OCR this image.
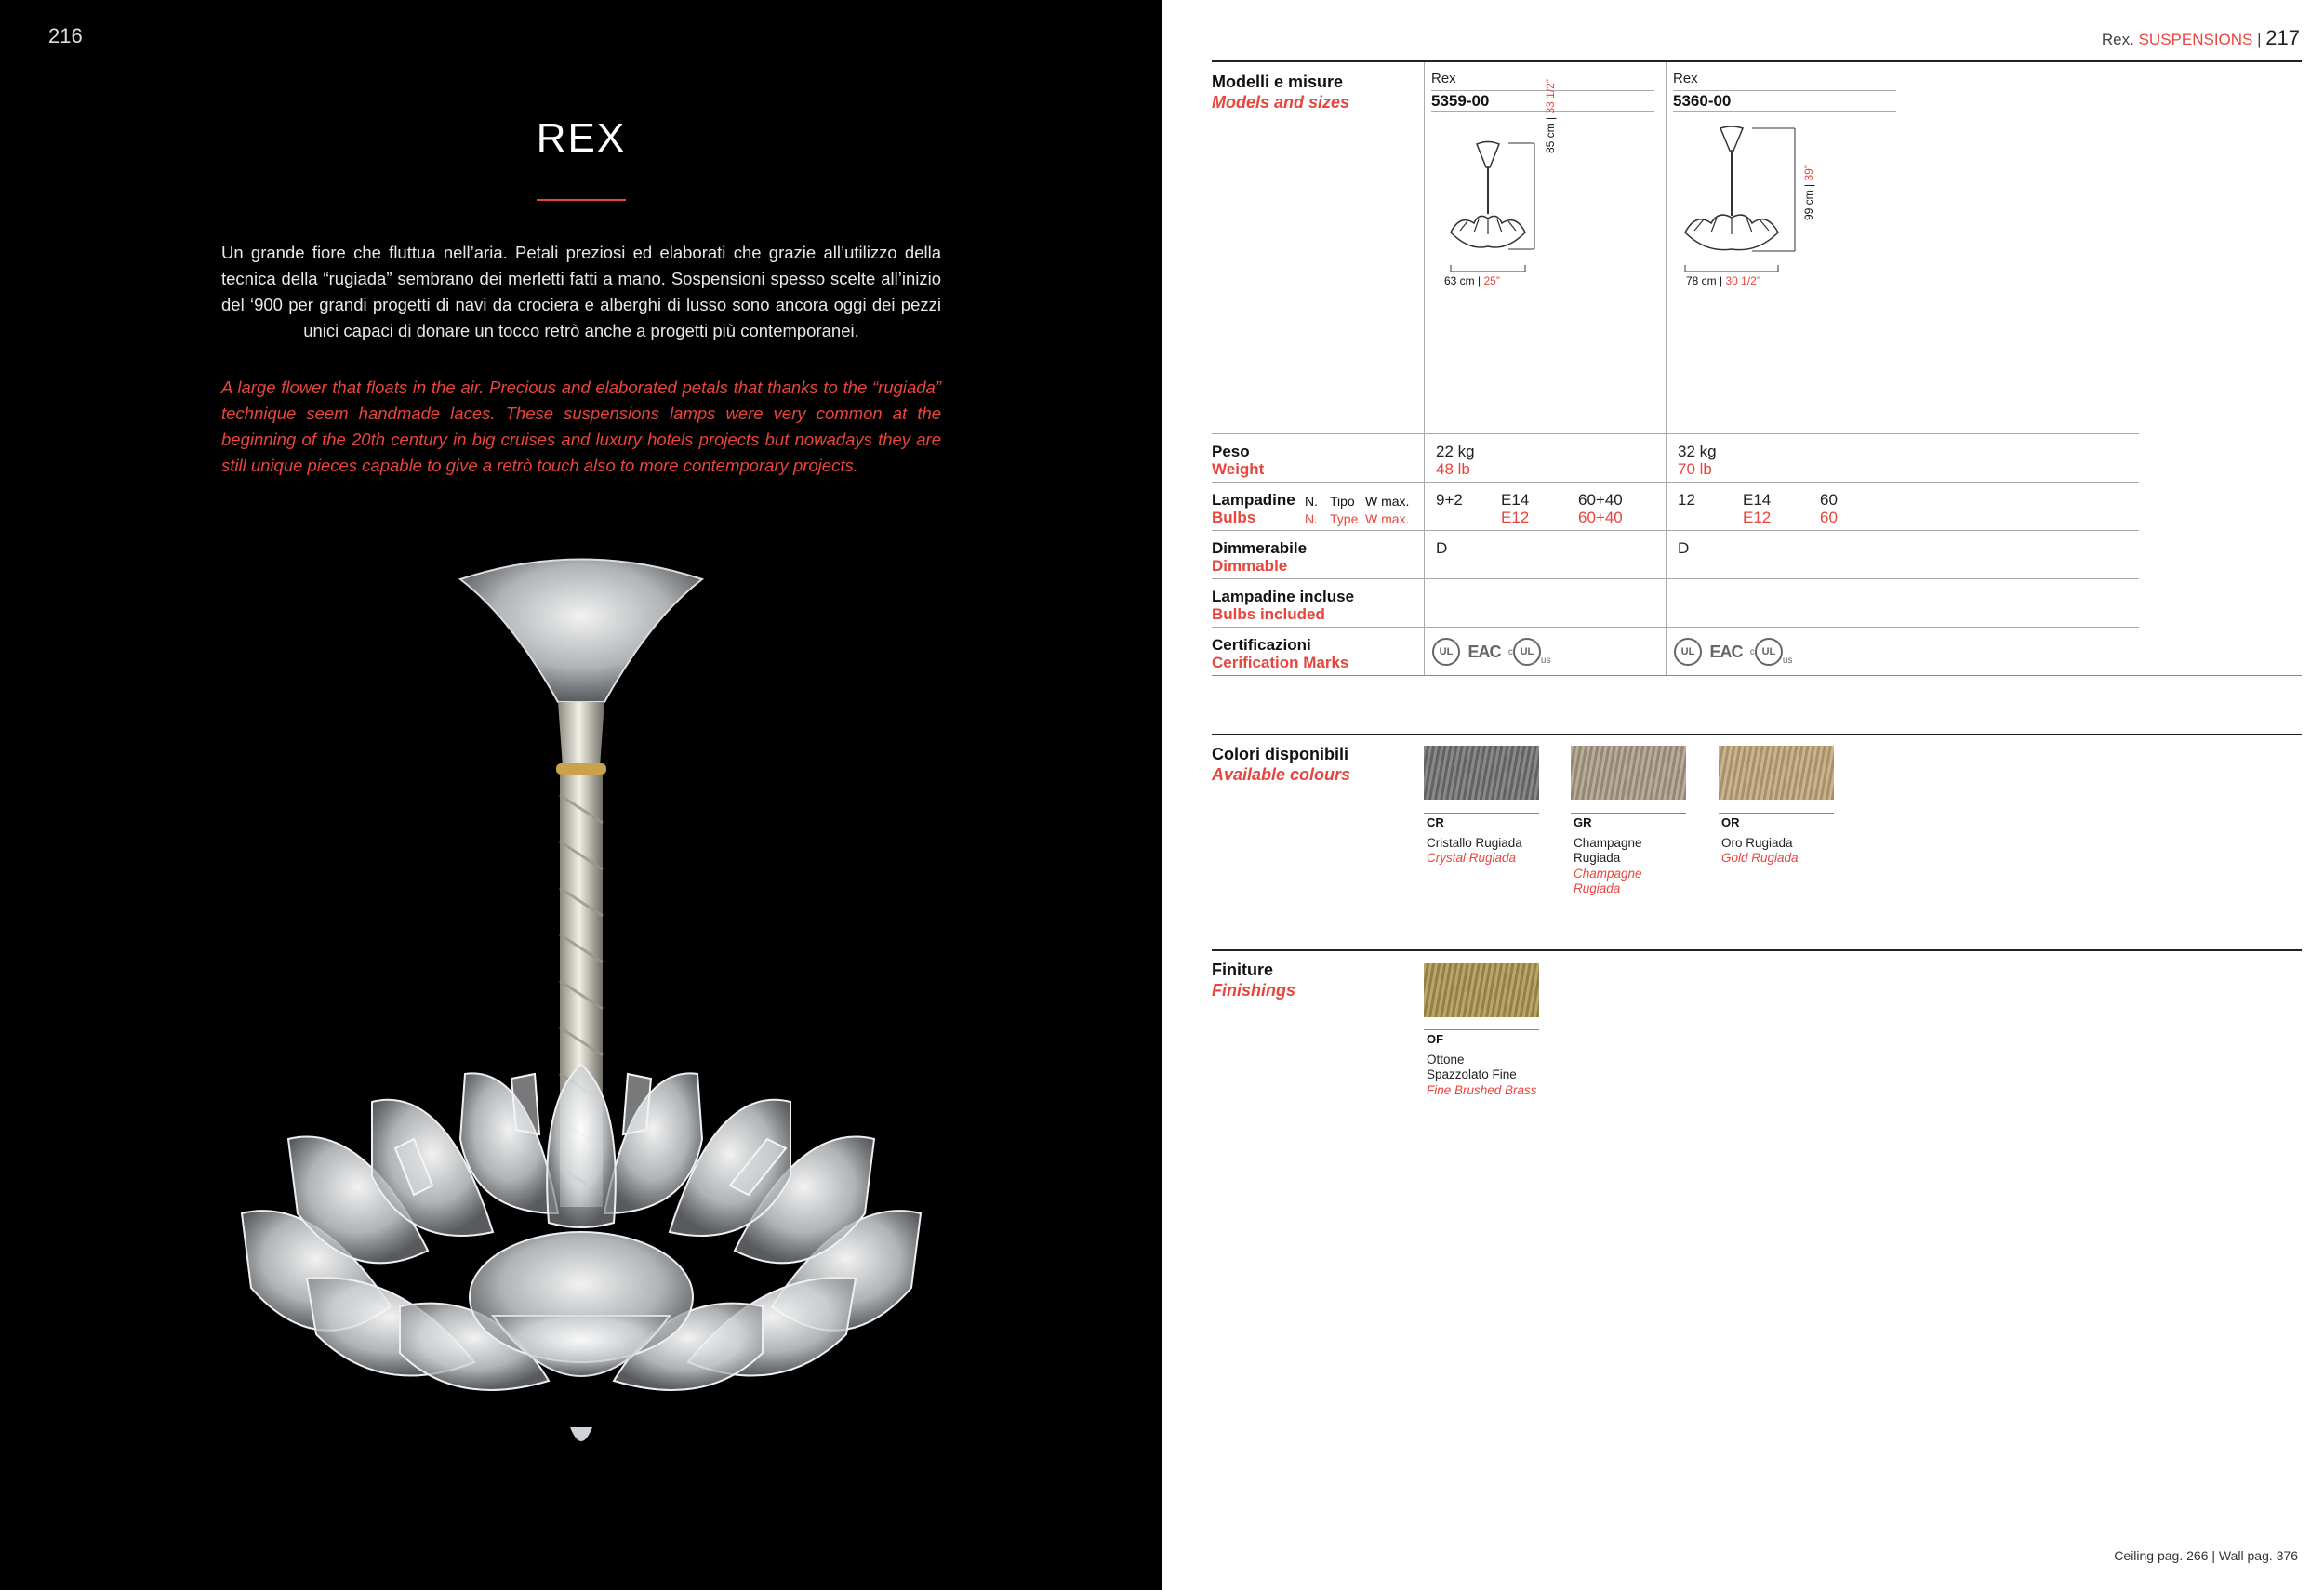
216
REX
Un grande fiore che fluttua nell’aria. Petali preziosi ed elaborati che grazie all’utilizzo della tecnica della “rugiada” sembrano dei merletti fatti a mano. Sospensioni spesso scelte all’inizio del ‘900 per grandi progetti di navi da crociera e alberghi di lusso sono ancora oggi dei pezzi unici capaci di donare un tocco retrò anche a progetti più contemporanei.
A large flower that floats in the air. Precious and elaborated petals that thanks to the “rugiada” technique seem handmade laces. These suspensions lamps were very common at the beginning of the 20th century in big cruises and luxury hotels projects but nowadays they are still unique pieces capable to give a retrò touch also to more contemporary projects.
Rex. SUSPENSIONS | 217
Modelli e misure
Models and sizes
Rex
5359-00
Rex
5360-00
85 cm | 33 1/2”
63 cm | 25”
99 cm | 39”
78 cm | 30 1/2”
Peso
Weight
22 kg
48 lb
32 kg
70 lb
Lampadine
Bulbs
N.
N.
Tipo
Type
W max.
W max.
9+2 E14
E12
60+40
60+40
12	E14
E12
60
60
Dimmerabile
Dimmable
D	D
Lampadine incluse
Bulbs included
Certificazioni
Cerification Marks
UL EAC c ULus
UL EAC c ULus
Colori disponibili
Available colours
CR
Cristallo Rugiada
Crystal Rugiada
GR
Champagne Rugiada
Champagne Rugiada
OR
Oro Rugiada
Gold Rugiada
Finiture
Finishings
OF
Ottone Spazzolato Fine
Fine Brushed Brass
Ceiling pag. 266 | Wall pag. 376
